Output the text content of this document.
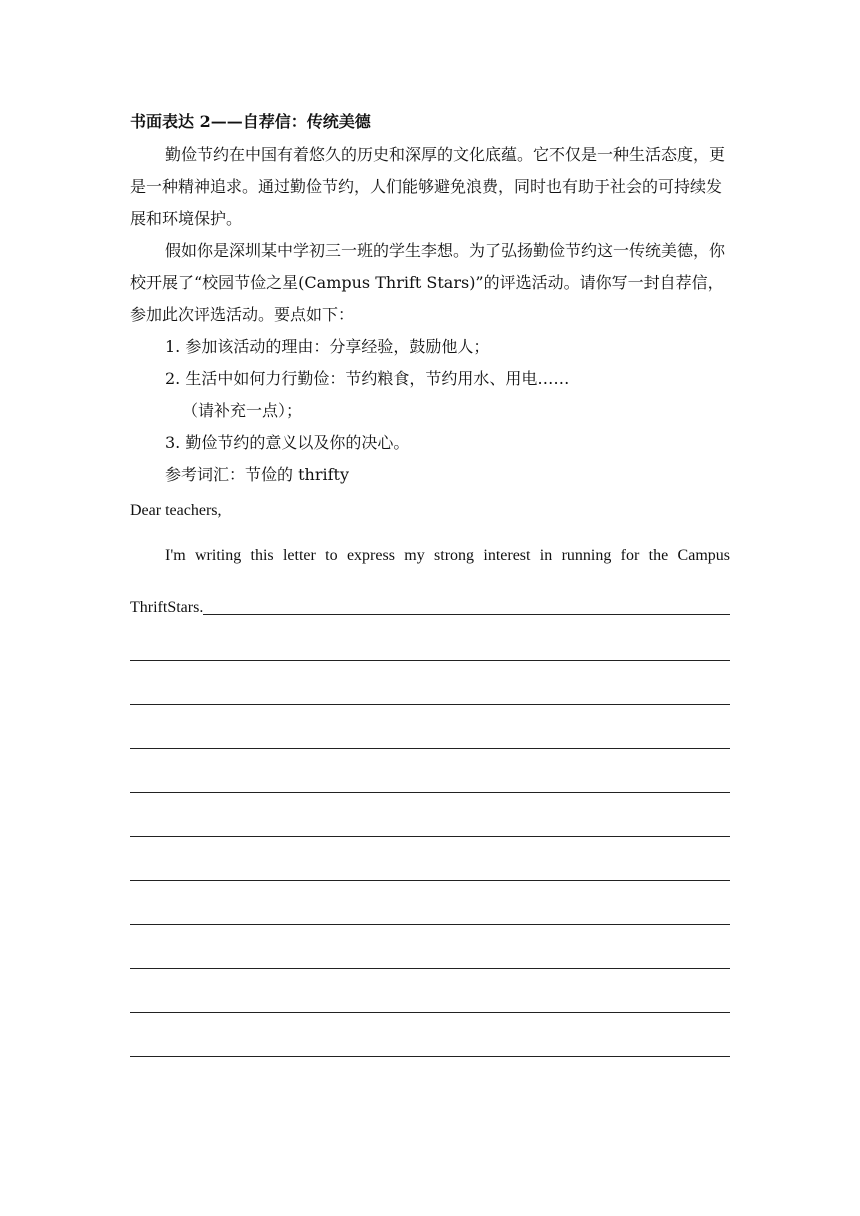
书面表达 2——自荐信：传统美德

勤俭节约在中国有着悠久的历史和深厚的文化底蕴。它不仅是一种生活态度，更是一种精神追求。通过勤俭节约，人们能够避免浪费，同时也有助于社会的可持续发展和环境保护。

假如你是深圳某中学初三一班的学生李想。为了弘扬勤俭节约这一传统美德，你校开展了“校园节俭之星(Campus Thrift Stars)”的评选活动。请你写一封自荐信，参加此次评选活动。要点如下：

1. 参加该活动的理由：分享经验，鼓励他人；

2. 生活中如何力行勤俭：节约粮食，节约用水、用电……

（请补充一点）；

3. 勤俭节约的意义以及你的决心。

参考词汇：节俭的 thrifty

Dear teachers,
I'm writing this letter to express my strong interest in running for the Campus
ThriftStars.
